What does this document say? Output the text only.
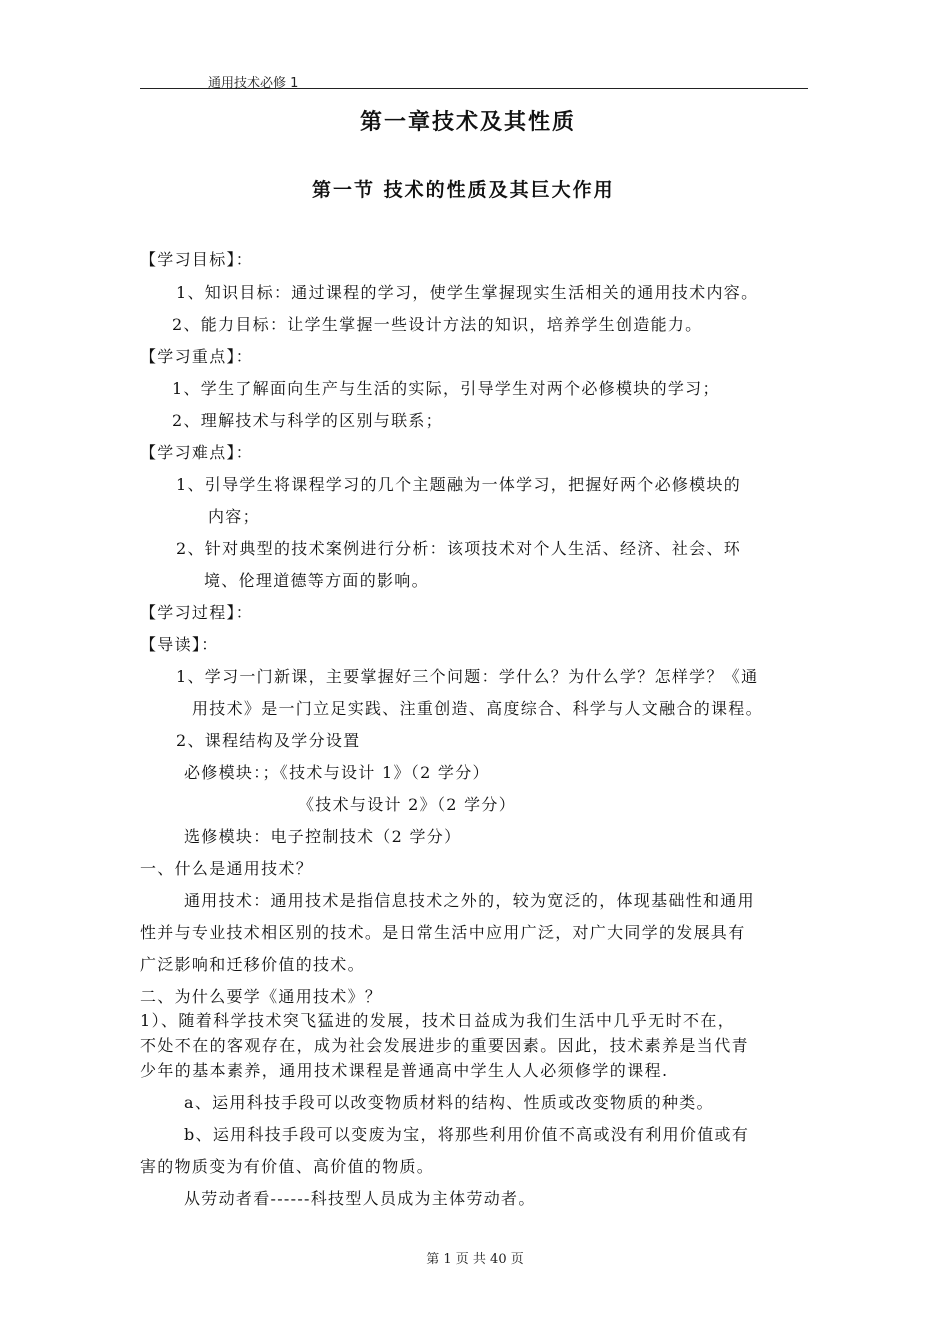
通用技术必修 1
第一章技术及其性质
第一节 技术的性质及其巨大作用
【学习目标】：
1、知识目标：通过课程的学习，使学生掌握现实生活相关的通用技术内容。
2、能力目标：让学生掌握一些设计方法的知识，培养学生创造能力。
【学习重点】：
1、学生了解面向生产与生活的实际，引导学生对两个必修模块的学习；
2、理解技术与科学的区别与联系；
【学习难点】：
1、引导学生将课程学习的几个主题融为一体学习，把握好两个必修模块的
内容；
2、针对典型的技术案例进行分析：该项技术对个人生活、经济、社会、环
境、伦理道德等方面的影响。
【学习过程】：
【导读】：
1、学习一门新课，主要掌握好三个问题：学什么？为什么学？怎样学？《通
用技术》是一门立足实践、注重创造、高度综合、科学与人文融合的课程。
2、课程结构及学分设置
必修模块：；《技术与设计 1》（2 学分）
《技术与设计 2》（2 学分）
选修模块：电子控制技术（2 学分）
一、什么是通用技术？
通用技术：通用技术是指信息技术之外的，较为宽泛的，体现基础性和通用
性并与专业技术相区别的技术。是日常生活中应用广泛，对广大同学的发展具有
广泛影响和迁移价值的技术。
二、为什么要学《通用技术》？
1）、随着科学技术突飞猛进的发展，技术日益成为我们生活中几乎无时不在，
不处不在的客观存在，成为社会发展进步的重要因素。因此，技术素养是当代青
少年的基本素养，通用技术课程是普通高中学生人人必须修学的课程.
a、运用科技手段可以改变物质材料的结构、性质或改变物质的种类。
b、运用科技手段可以变废为宝，将那些利用价值不高或没有利用价值或有
害的物质变为有价值、高价值的物质。
从劳动者看------科技型人员成为主体劳动者。
第 1 页 共 40 页
